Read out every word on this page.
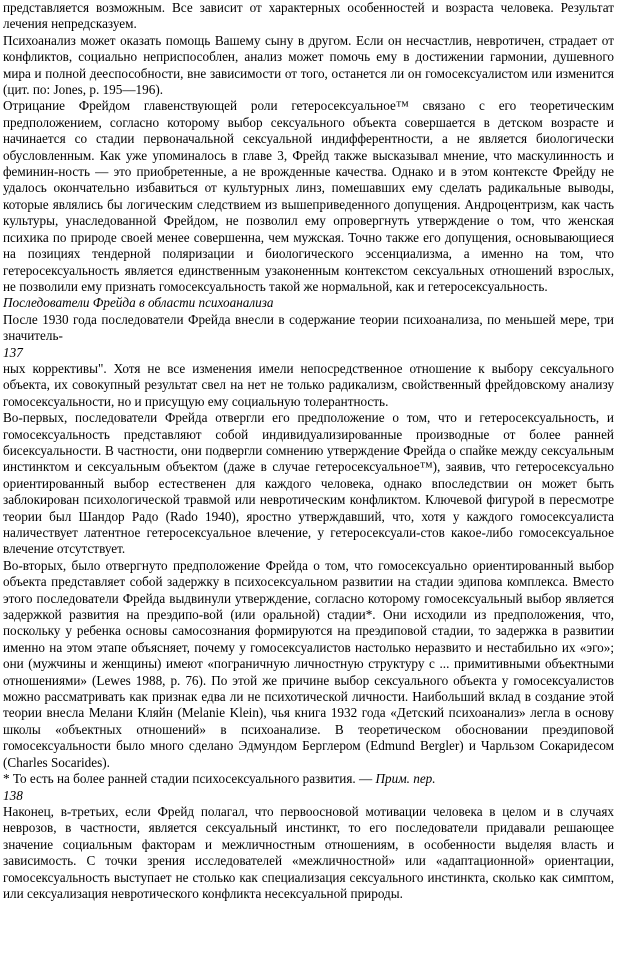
представляется возможным. Все зависит от характерных особенностей и возраста человека. Результат лечения непредсказуем.

Психоанализ может оказать помощь Вашему сыну в другом. Если он несчастлив, невротичен, страдает от конфликтов, социально неприспособлен, анализ может помочь ему в достижении гармонии, душевного мира и полной дееспособности, вне зависимости от того, останется ли он гомосексуалистом или изменится (цит. по: Jones, р. 195—196).

Отрицание Фрейдом главенствующей роли гетеросексуальное™ связано с его теоретическим предположением, согласно которому выбор сексуального объекта совершается в детском возрасте и начинается со стадии первоначальной сексуальной индифферентности, а не является биологически обусловленным. Как уже упоминалось в главе 3, Фрейд также высказывал мнение, что маскулинность и феминин-ность — это приобретенные, а не врожденные качества. Однако и в этом контексте Фрейду не удалось окончательно избавиться от культурных линз, помешавших ему сделать радикальные выводы, которые являлись бы логическим следствием из вышеприведенного допущения. Андроцентризм, как часть культуры, унаследованной Фрейдом, не позволил ему опровергнуть утверждение о том, что женская психика по природе своей менее совершенна, чем мужская. Точно также его допущения, основывающиеся на позициях тендерной поляризации и биологического эссенциализма, а именно на том, что гетеросексуальность является единственным узаконенным контекстом сексуальных отношений взрослых, не позволили ему признать гомосексуальность такой же нормальной, как и гетеросексуальность.

Последователи Фрейда в области психоанализа

После 1930 года последователи Фрейда внесли в содержание теории психоанализа, по меньшей мере, три значитель-

137

ных коррективы". Хотя не все изменения имели непосредственное отношение к выбору сексуального объекта, их совокупный результат свел на нет не только радикализм, свойственный фрейдовскому анализу гомосексуальности, но и присущую ему социальную толерантность.

Во-первых, последователи Фрейда отвергли его предположение о том, что и гетеросексуальность, и гомосексуальность представляют собой индивидуализированные производные от более ранней бисексуальности. В частности, они подвергли сомнению утверждение Фрейда о спайке между сексуальным инстинктом и сексуальным объектом (даже в случае гетеросексуальное™), заявив, что гетеросексуально ориентированный выбор естественен для каждого человека, однако впоследствии он может быть заблокирован психологической травмой или невротическим конфликтом. Ключевой фигурой в пересмотре теории был Шандор Радо (Rado 1940), яростно утверждавший, что, хотя у каждого гомосексуалиста наличествует латентное гетеросексуальное влечение, у гетеросексуали-стов какое-либо гомосексуальное влечение отсутствует.

Во-вторых, было отвергнуто предположение Фрейда о том, что гомосексуально ориентированный выбор объекта представляет собой задержку в психосексуальном развитии на стадии эдипова комплекса. Вместо этого последователи Фрейда выдвинули утверждение, согласно которому гомосексуальный выбор является задержкой развития на преэдипо-вой (или оральной) стадии*. Они исходили из предположения, что, поскольку у ребенка основы самосознания формируются на преэдиповой стадии, то задержка в развитии именно на этом этапе объясняет, почему у гомосексуалистов настолько неразвито и нестабильно их «эго»; они (мужчины и женщины) имеют «пограничную личностную структуру с ... примитивными объектными отношениями» (Lewes 1988, р. 76). По этой же причине выбор сексуального объекта у гомосексуалистов можно рассматривать как признак едва ли не психотической личности. Наибольший вклад в создание этой теории внесла Мелани Кляйн (Melanie Klein), чья книга 1932 года «Детский психоанализ» легла в основу школы «объектных отношений» в психоанализе. В теоретическом обосновании преэдиповой гомосексуальности было много сделано Эдмундом Берглером (Edmund Bergler) и Чарльзом Сокаридесом (Charles Socarides).

* То есть на более ранней стадии психосексуального развития. — Прим. пер.
138

Наконец, в-третьих, если Фрейд полагал, что первоосновой мотивации человека в целом и в случаях неврозов, в частности, является сексуальный инстинкт, то его последователи придавали решающее значение социальным факторам и межличностным отношениям, в особенности выделяя власть и зависимость. С точки зрения исследователей «межличностной» или «адаптационной» ориентации, гомосексуальность выступает не столько как специализация сексуального инстинкта, сколько как симптом, или сексуализация невротического конфликта несексуальной природы.
